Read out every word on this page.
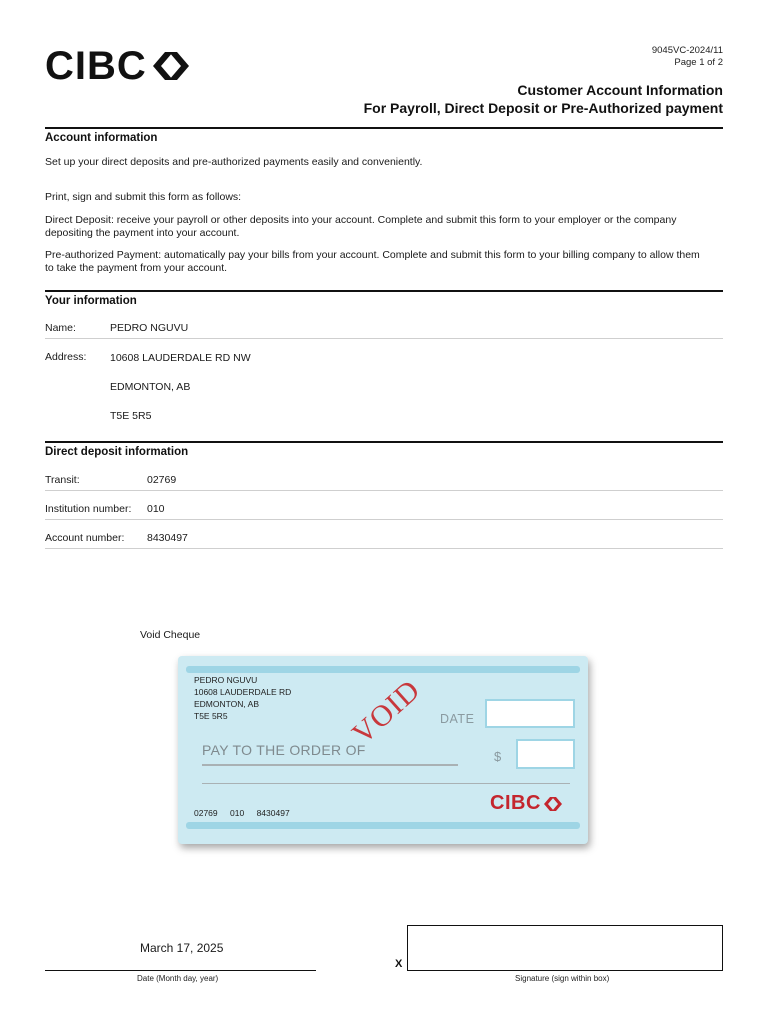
CIBC	9045VC-2024/11
Page 1 of 2
Customer Account Information
For Payroll, Direct Deposit or Pre-Authorized payment
Account information
Set up your direct deposits and pre-authorized payments easily and conveniently.
Print, sign and submit this form as follows:
Direct Deposit: receive your payroll or other deposits into your account. Complete and submit this form to your employer or the company
depositing the payment into your account.
Pre-authorized Payment: automatically pay your bills from your account. Complete and submit this form to your billing company to allow them
to take the payment from your account.
Your information
Name:	PEDRO NGUVU
Address: 10608 LAUDERDALE RD NW
EDMONTON, AB
T5E 5R5
Direct deposit information
Transit:	02769
Institution number: 010
Account number: 8430497
Void Cheque
PEDRO NGUVU
10608 LAUDERDALE RD
EDMONTON, AB
T5E 5R5	DATE
$
PAY TO THE ORDER OF
VOID
02769 010 8430497	CIBC
March 17, 2025
Date (Month day, year)
X
Signature (sign within box)
